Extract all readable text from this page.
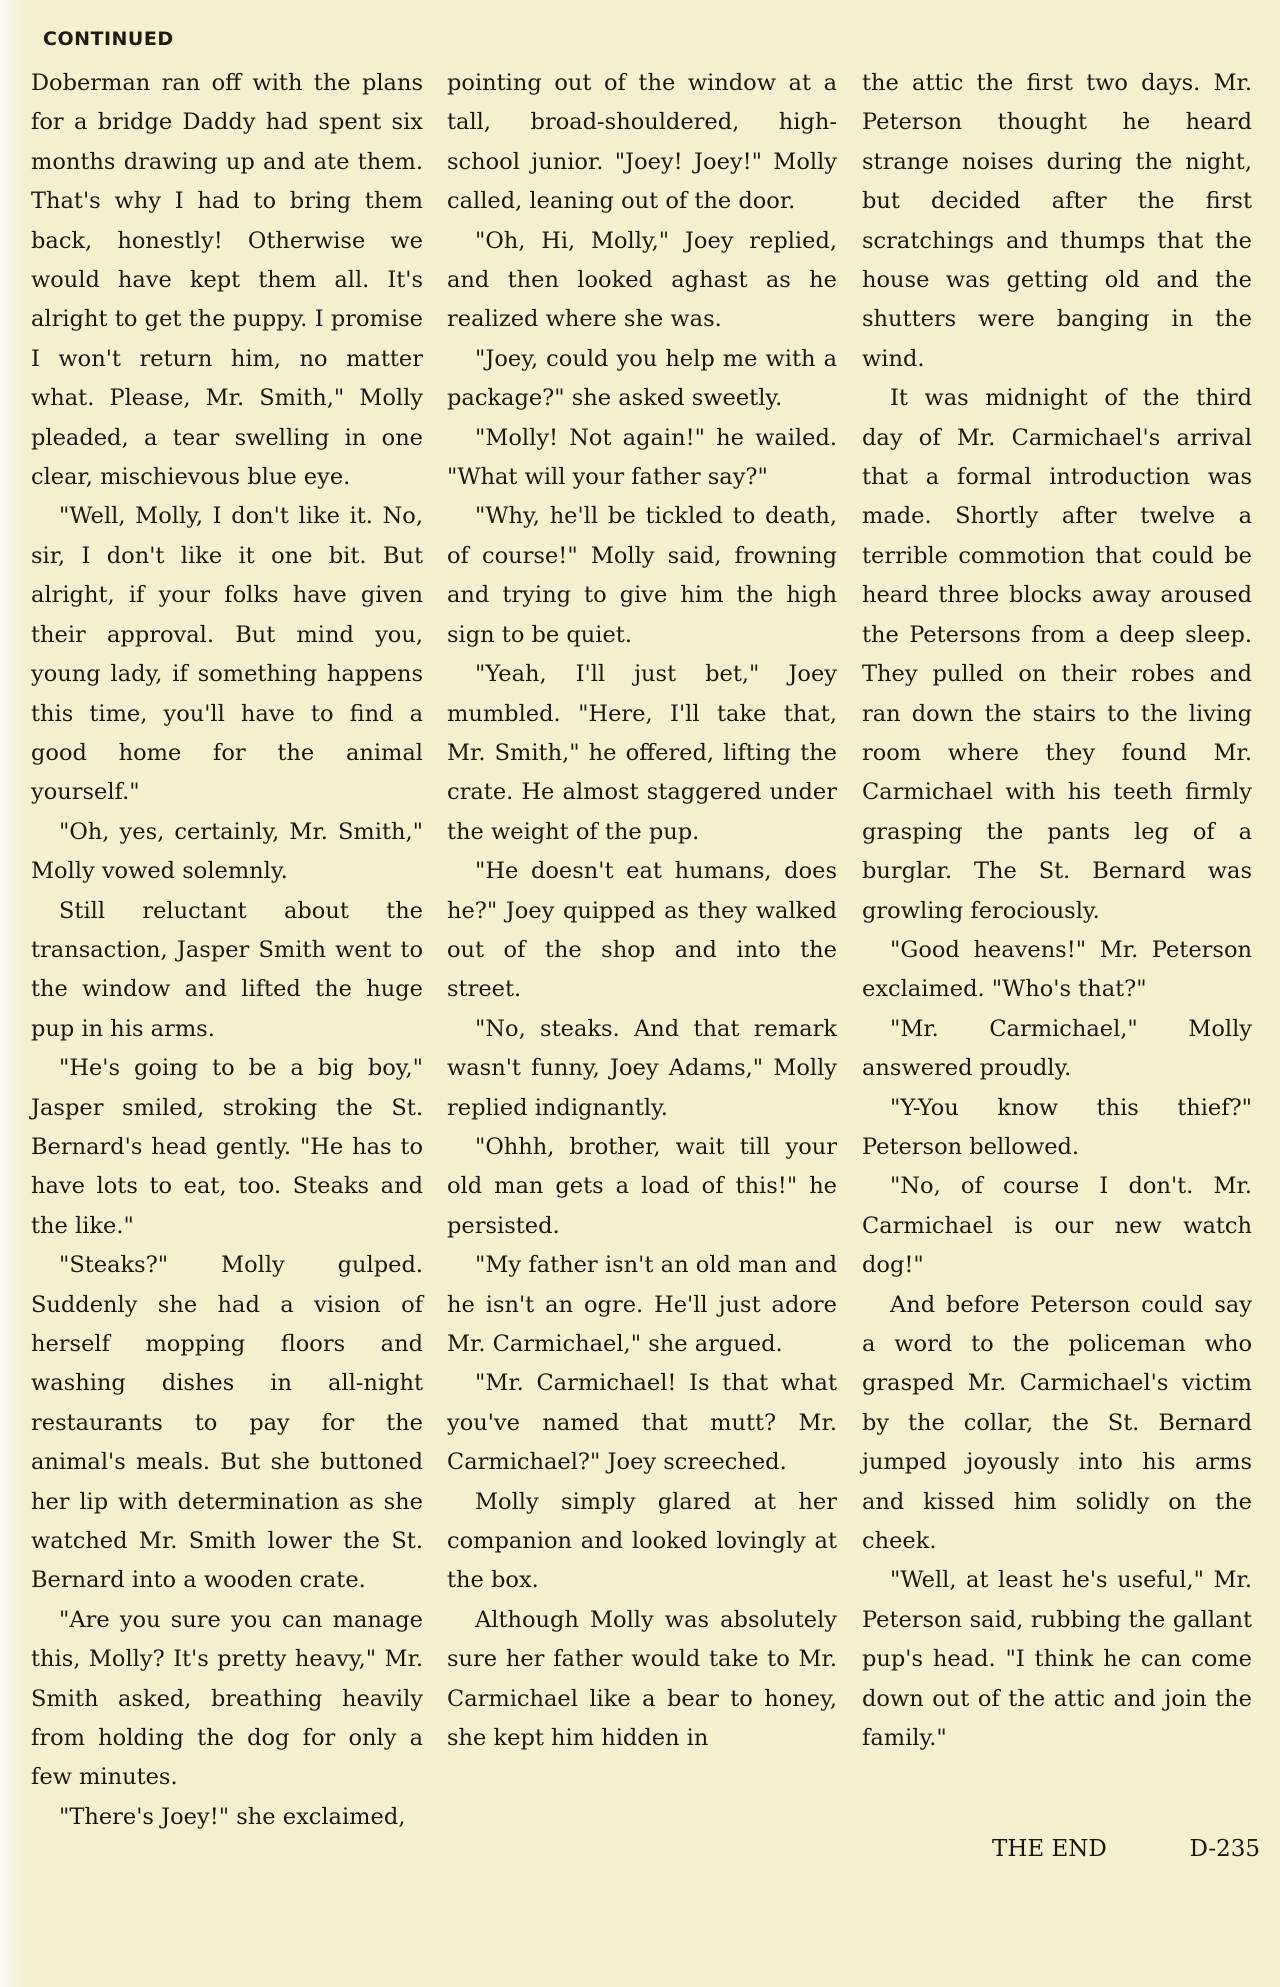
CONTINUED

Doberman ran off with the plans for a bridge Daddy had spent six months drawing up and ate them. That's why I had to bring them back, honestly! Otherwise we would have kept them all. It's alright to get the puppy. I promise I won't return him, no matter what. Please, Mr. Smith," Molly pleaded, a tear swelling in one clear, mischievous blue eye.

"Well, Molly, I don't like it. No, sir, I don't like it one bit. But alright, if your folks have given their approval. But mind you, young lady, if something happens this time, you'll have to find a good home for the animal yourself."

"Oh, yes, certainly, Mr. Smith," Molly vowed solemnly.

Still reluctant about the transaction, Jasper Smith went to the window and lifted the huge pup in his arms.

"He's going to be a big boy," Jasper smiled, stroking the St. Bernard's head gently. "He has to have lots to eat, too. Steaks and the like."

"Steaks?" Molly gulped. Suddenly she had a vision of herself mopping floors and washing dishes in all-night restaurants to pay for the animal's meals. But she buttoned her lip with determination as she watched Mr. Smith lower the St. Bernard into a wooden crate.

"Are you sure you can manage this, Molly? It's pretty heavy," Mr. Smith asked, breathing heavily from holding the dog for only a few minutes.

"There's Joey!" she exclaimed,

pointing out of the window at a tall, broad-shouldered, high-school junior. "Joey! Joey!" Molly called, leaning out of the door.

"Oh, Hi, Molly," Joey replied, and then looked aghast as he realized where she was.

"Joey, could you help me with a package?" she asked sweetly.

"Molly! Not again!" he wailed. "What will your father say?"

"Why, he'll be tickled to death, of course!" Molly said, frowning and trying to give him the high sign to be quiet.

"Yeah, I'll just bet," Joey mumbled. "Here, I'll take that, Mr. Smith," he offered, lifting the crate. He almost staggered under the weight of the pup.

"He doesn't eat humans, does he?" Joey quipped as they walked out of the shop and into the street.

"No, steaks. And that remark wasn't funny, Joey Adams," Molly replied indignantly.

"Ohhh, brother, wait till your old man gets a load of this!" he persisted.

"My father isn't an old man and he isn't an ogre. He'll just adore Mr. Carmichael," she argued.

"Mr. Carmichael! Is that what you've named that mutt? Mr. Carmichael?" Joey screeched.

Molly simply glared at her companion and looked lovingly at the box.

Although Molly was absolutely sure her father would take to Mr. Carmichael like a bear to honey, she kept him hidden in

the attic the first two days. Mr. Peterson thought he heard strange noises during the night, but decided after the first scratchings and thumps that the house was getting old and the shutters were banging in the wind.

It was midnight of the third day of Mr. Carmichael's arrival that a formal introduction was made. Shortly after twelve a terrible commotion that could be heard three blocks away aroused the Petersons from a deep sleep. They pulled on their robes and ran down the stairs to the living room where they found Mr. Carmichael with his teeth firmly grasping the pants leg of a burglar. The St. Bernard was growling ferociously.

"Good heavens!" Mr. Peterson exclaimed. "Who's that?"

"Mr. Carmichael," Molly answered proudly.

"Y-You know this thief?" Peterson bellowed.

"No, of course I don't. Mr. Carmichael is our new watch dog!"

And before Peterson could say a word to the policeman who grasped Mr. Carmichael's victim by the collar, the St. Bernard jumped joyously into his arms and kissed him solidly on the cheek.

"Well, at least he's useful," Mr. Peterson said, rubbing the gallant pup's head. "I think he can come down out of the attic and join the family."

THE END	D-235
